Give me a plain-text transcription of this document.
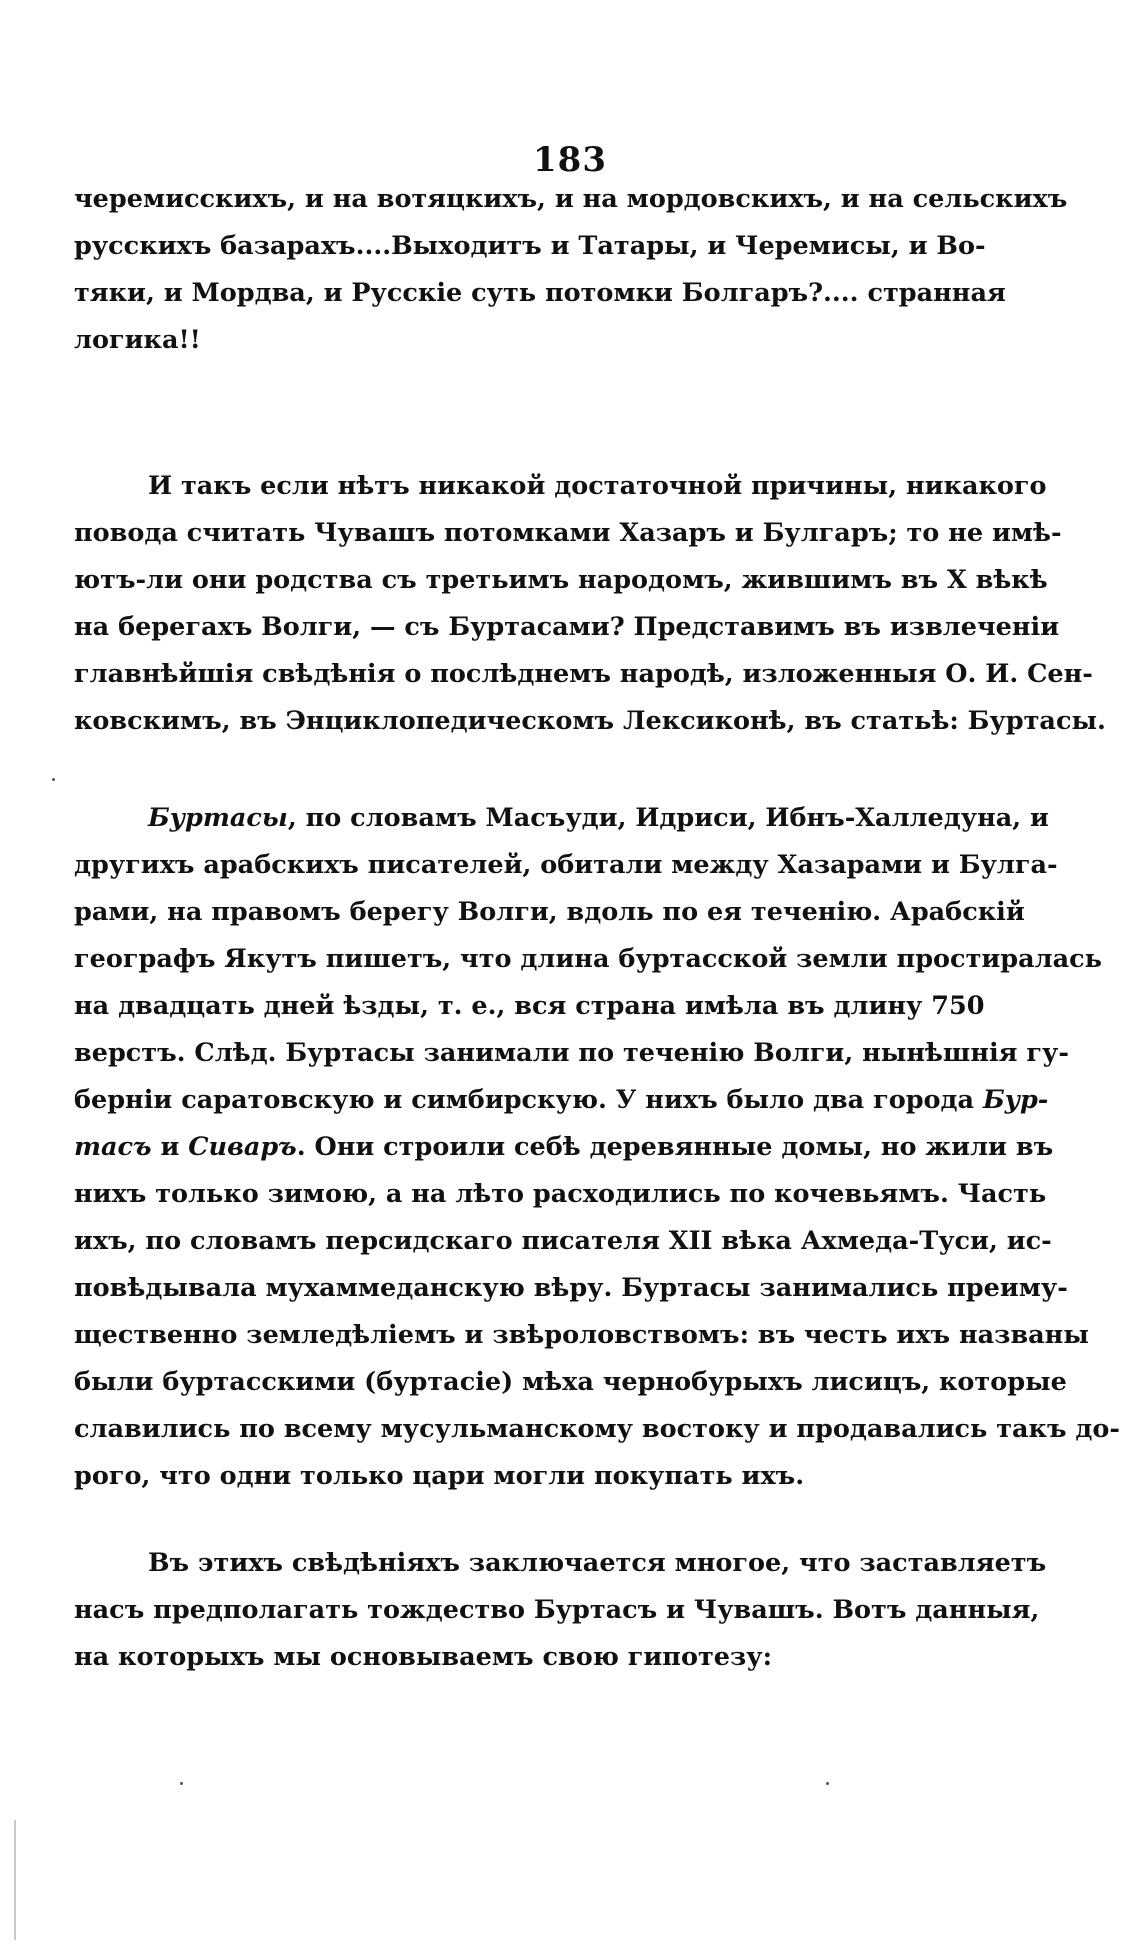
183
черемисскихъ, и на вотяцкихъ, и на мордовскихъ, и на сельскихъ
русскихъ базарахъ....Выходитъ и Татары, и Черемисы, и Во-
тяки, и Мордва, и Русскіе суть потомки Болгаръ?.... странная
логика!!
И такъ если нѣтъ никакой достаточной причины, никакого
повода считать Чувашъ потомками Хазаръ и Булгаръ; то не имѣ-
ютъ-ли они родства съ третьимъ народомъ, жившимъ въ X вѣкѣ
на берегахъ Волги, — съ Буртасами? Представимъ въ извлеченіи
главнѣйшія свѣдѣнія о послѣднемъ народѣ, изложенныя О. И. Сен-
ковскимъ, въ Энциклопедическомъ Лексиконѣ, въ статьѣ: Буртасы.
Буртасы, по словамъ Масъуди, Идриси, Ибнъ-Халледуна, и
другихъ арабскихъ писателей, обитали между Хазарами и Булга-
рами, на правомъ берегу Волги, вдоль по ея теченію. Арабскій
географъ Якутъ пишетъ, что длина буртасской земли простиралась
на двадцать дней ѣзды, т. е., вся страна имѣла въ длину 750
верстъ. Слѣд. Буртасы занимали по теченію Волги, нынѣшнія гу-
берніи саратовскую и симбирскую. У нихъ было два города Бур-
тасъ и Сиваръ. Они строили себѣ деревянные домы, но жили въ
нихъ только зимою, а на лѣто расходились по кочевьямъ. Часть
ихъ, по словамъ персидскаго писателя XII вѣка Ахмеда-Туси, ис-
повѣдывала мухаммеданскую вѣру. Буртасы занимались преиму-
щественно земледѣліемъ и звѣроловствомъ: въ честь ихъ названы
были буртасскими (буртасіе) мѣха чернобурыхъ лисицъ, которые
славились по всему мусульманскому востоку и продавались такъ до-
рого, что одни только цари могли покупать ихъ.
Въ этихъ свѣдѣніяхъ заключается многое, что заставляетъ
насъ предполагать тождество Буртасъ и Чувашъ. Вотъ данныя,
на которыхъ мы основываемъ свою гипотезу:
